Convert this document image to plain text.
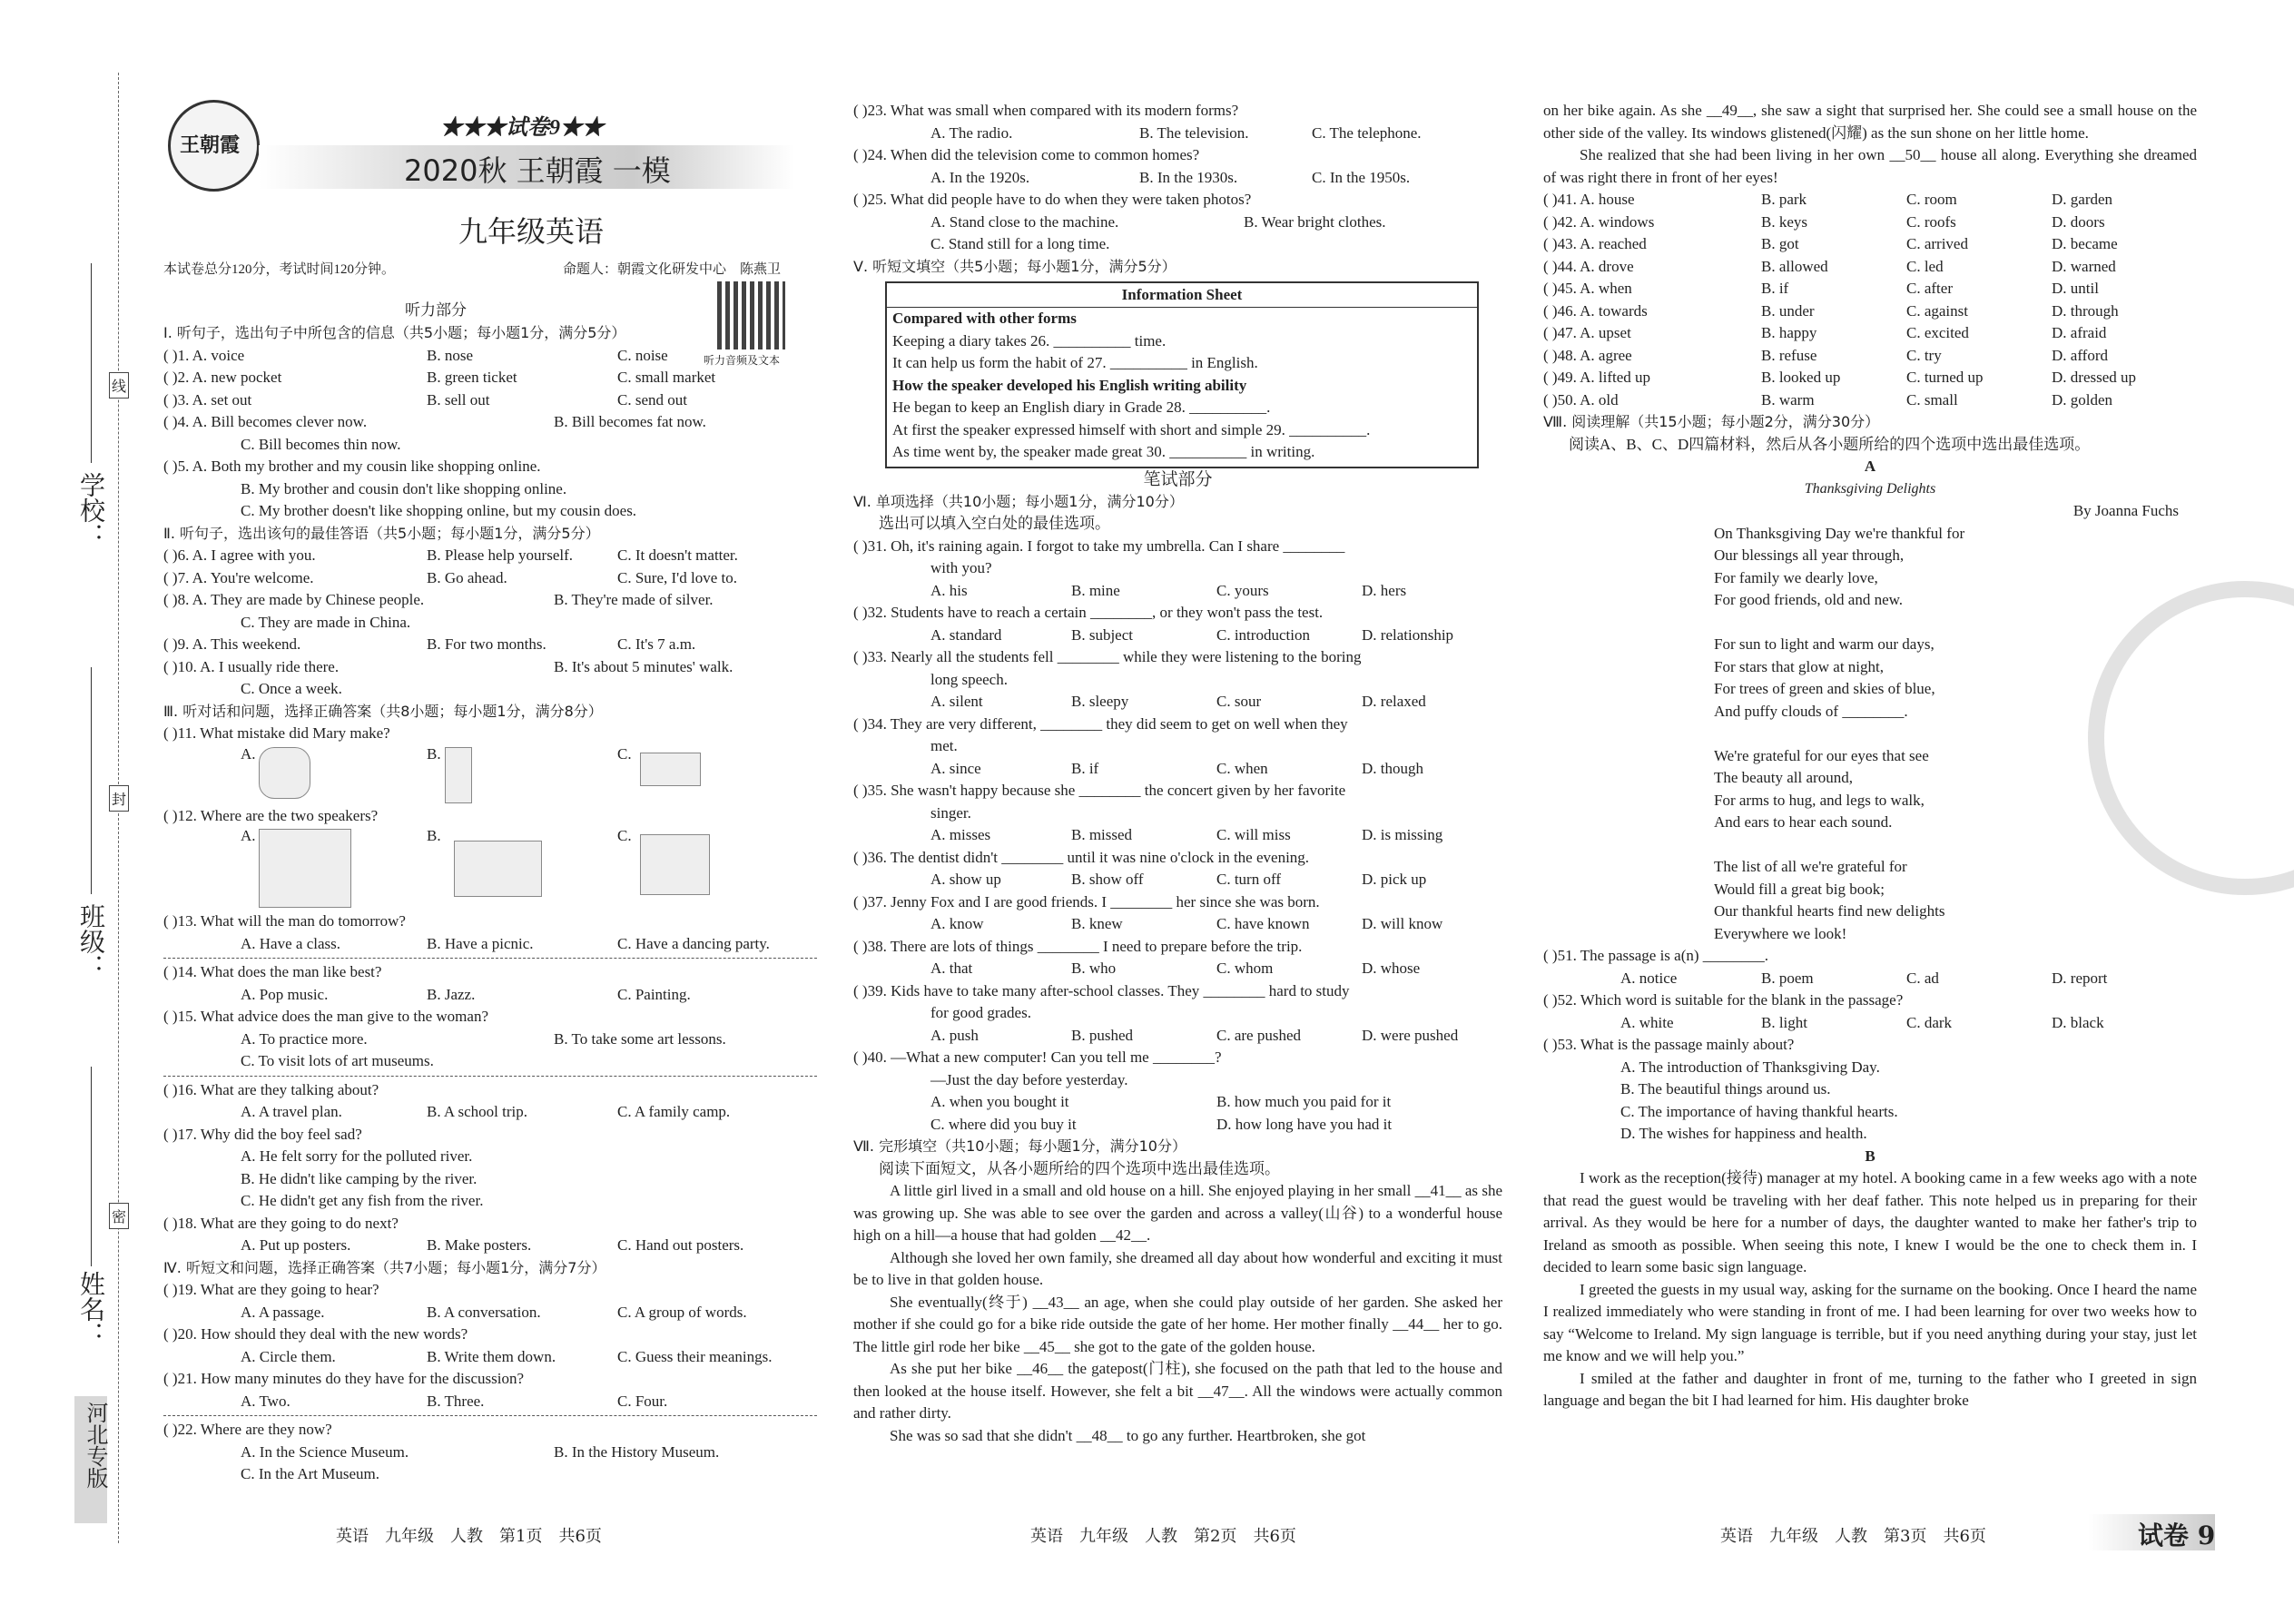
学校：
班级：
姓名：
线
封
密
河北专版
王朝霞
★★★试卷9★★
2020秋 王朝霞 一模
九年级英语
本试卷总分120分，考试时间120分钟。	命题人：朝霞文化研发中心　陈燕卫
听力音频及文本
听力部分
Ⅰ. 听句子，选出句子中所包含的信息（共5小题；每小题1分，满分5分）
( )1. A. voice	B. nose	C. noise
( )2. A. new pocket	B. green ticket	C. small market
( )3. A. set out	B. sell out	C. send out
( )4. A. Bill becomes clever now.	B. Bill becomes fat now.
C. Bill becomes thin now.
( )5. A. Both my brother and my cousin like shopping online.
B. My brother and cousin don't like shopping online.
C. My brother doesn't like shopping online, but my cousin does.
Ⅱ. 听句子，选出该句的最佳答语（共5小题；每小题1分，满分5分）
( )6. A. I agree with you.	B. Please help yourself.	C. It doesn't matter.
( )7. A. You're welcome.	B. Go ahead.	C. Sure, I'd love to.
( )8. A. They are made by Chinese people.	B. They're made of silver.
C. They are made in China.
( )9. A. This weekend.	B. For two months.	C. It's 7 a.m.
( )10. A. I usually ride there.	B. It's about 5 minutes' walk.
C. Once a week.
Ⅲ. 听对话和问题，选择正确答案（共8小题；每小题1分，满分8分）
( )11. What mistake did Mary make?
A.	B.	C.
( )12. Where are the two speakers?
A.	B.	C.
( )13. What will the man do tomorrow?
A. Have a class.	B. Have a picnic.	C. Have a dancing party.
( )14. What does the man like best?
A. Pop music.	B. Jazz.	C. Painting.
( )15. What advice does the man give to the woman?
A. To practice more.	B. To take some art lessons.
C. To visit lots of art museums.
( )16. What are they talking about?
A. A travel plan.	B. A school trip.	C. A family camp.
( )17. Why did the boy feel sad?
A. He felt sorry for the polluted river.
B. He didn't like camping by the river.
C. He didn't get any fish from the river.
( )18. What are they going to do next?
A. Put up posters.	B. Make posters.	C. Hand out posters.
Ⅳ. 听短文和问题，选择正确答案（共7小题；每小题1分，满分7分）
( )19. What are they going to hear?
A. A passage.	B. A conversation.	C. A group of words.
( )20. How should they deal with the new words?
A. Circle them.	B. Write them down.	C. Guess their meanings.
( )21. How many minutes do they have for the discussion?
A. Two.	B. Three.	C. Four.
( )22. Where are they now?
A. In the Science Museum.	B. In the History Museum.
C. In the Art Museum.
英语　九年级　人教　第1页　共6页
( )23. What was small when compared with its modern forms?
A. The radio.	B. The television.	C. The telephone.
( )24. When did the television come to common homes?
A. In the 1920s.	B. In the 1930s.	C. In the 1950s.
( )25. What did people have to do when they were taken photos?
A. Stand close to the machine.	B. Wear bright clothes.
C. Stand still for a long time.
Ⅴ. 听短文填空（共5小题；每小题1分，满分5分）
Information Sheet
Compared with other forms
Keeping a diary takes 26. __________ time.
It can help us form the habit of 27. __________ in English.
How the speaker developed his English writing ability
He began to keep an English diary in Grade 28. __________.
At first the speaker expressed himself with short and simple 29. __________.
As time went by, the speaker made great 30. __________ in writing.
笔试部分
Ⅵ. 单项选择（共10小题；每小题1分，满分10分）
选出可以填入空白处的最佳选项。
( )31. Oh, it's raining again. I forgot to take my umbrella. Can I share ________
with you?
A. his	B. mine	C. yours	D. hers
( )32. Students have to reach a certain ________, or they won't pass the test.
A. standard	B. subject	C. introduction	D. relationship
( )33. Nearly all the students fell ________ while they were listening to the boring
long speech.
A. silent	B. sleepy	C. sour	D. relaxed
( )34. They are very different, ________ they did seem to get on well when they
met.
A. since	B. if	C. when	D. though
( )35. She wasn't happy because she ________ the concert given by her favorite
singer.
A. misses	B. missed	C. will miss	D. is missing
( )36. The dentist didn't ________ until it was nine o'clock in the evening.
A. show up	B. show off	C. turn off	D. pick up
( )37. Jenny Fox and I are good friends. I ________ her since she was born.
A. know	B. knew	C. have known	D. will know
( )38. There are lots of things ________ I need to prepare before the trip.
A. that	B. who	C. whom	D. whose
( )39. Kids have to take many after-school classes. They ________ hard to study
for good grades.
A. push	B. pushed	C. are pushed	D. were pushed
( )40. —What a new computer! Can you tell me ________?
—Just the day before yesterday.
A. when you bought it	B. how much you paid for it
C. where did you buy it	D. how long have you had it
Ⅶ. 完形填空（共10小题；每小题1分，满分10分）
阅读下面短文，从各小题所给的四个选项中选出最佳选项。
A little girl lived in a small and old house on a hill. She enjoyed playing in her small __41__ as she was growing up. She was able to see over the garden and across a valley(山谷) to a wonderful house high on a hill—a house that had golden __42__.
Although she loved her own family, she dreamed all day about how wonderful and exciting it must be to live in that golden house.
She eventually(终于) __43__ an age, when she could play outside of her garden. She asked her mother if she could go for a bike ride outside the gate of her home. Her mother finally __44__ her to go. The little girl rode her bike __45__ she got to the gate of the golden house.
As she put her bike __46__ the gatepost(门柱), she focused on the path that led to the house and then looked at the house itself. However, she felt a bit __47__. All the windows were actually common and rather dirty.
She was so sad that she didn't __48__ to go any further. Heartbroken, she got
英语　九年级　人教　第2页　共6页
on her bike again. As she __49__, she saw a sight that surprised her. She could see a small house on the other side of the valley. Its windows glistened(闪耀) as the sun shone on her little home.
She realized that she had been living in her own __50__ house all along. Everything she dreamed of was right there in front of her eyes!
( )41. A. house	B. park	C. room	D. garden
( )42. A. windows	B. keys	C. roofs	D. doors
( )43. A. reached	B. got	C. arrived	D. became
( )44. A. drove	B. allowed	C. led	D. warned
( )45. A. when	B. if	C. after	D. until
( )46. A. towards	B. under	C. against	D. through
( )47. A. upset	B. happy	C. excited	D. afraid
( )48. A. agree	B. refuse	C. try	D. afford
( )49. A. lifted up	B. looked up	C. turned up	D. dressed up
( )50. A. old	B. warm	C. small	D. golden
Ⅷ. 阅读理解（共15小题；每小题2分，满分30分）
阅读A、B、C、D四篇材料，然后从各小题所给的四个选项中选出最佳选项。
A
Thanksgiving Delights
By Joanna Fuchs
On Thanksgiving Day we're thankful for
Our blessings all year through,
For family we dearly love,
For good friends, old and new.
For sun to light and warm our days,
For stars that glow at night,
For trees of green and skies of blue,
And puffy clouds of ________.
We're grateful for our eyes that see
The beauty all around,
For arms to hug, and legs to walk,
And ears to hear each sound.
The list of all we're grateful for
Would fill a great big book;
Our thankful hearts find new delights
Everywhere we look!
( )51. The passage is a(n) ________.
A. notice	B. poem	C. ad	D. report
( )52. Which word is suitable for the blank in the passage?
A. white	B. light	C. dark	D. black
( )53. What is the passage mainly about?
A. The introduction of Thanksgiving Day.
B. The beautiful things around us.
C. The importance of having thankful hearts.
D. The wishes for happiness and health.
B
I work as the reception(接待) manager at my hotel. A booking came in a few weeks ago with a note that read the guest would be traveling with her deaf father. This note helped us in preparing for their arrival. As they would be here for a number of days, the daughter wanted to make her father's trip to Ireland as smooth as possible. When seeing this note, I knew I would be the one to check them in. I decided to learn some basic sign language.
I greeted the guests in my usual way, asking for the surname on the booking. Once I heard the name I realized immediately who were standing in front of me. I had been learning for over two weeks how to say “Welcome to Ireland. My sign language is terrible, but if you need anything during your stay, just let me know and we will help you.”
I smiled at the father and daughter in front of me, turning to the father who I greeted in sign language and began the bit I had learned for him. His daughter broke
英语　九年级　人教　第3页　共6页	试卷 9
